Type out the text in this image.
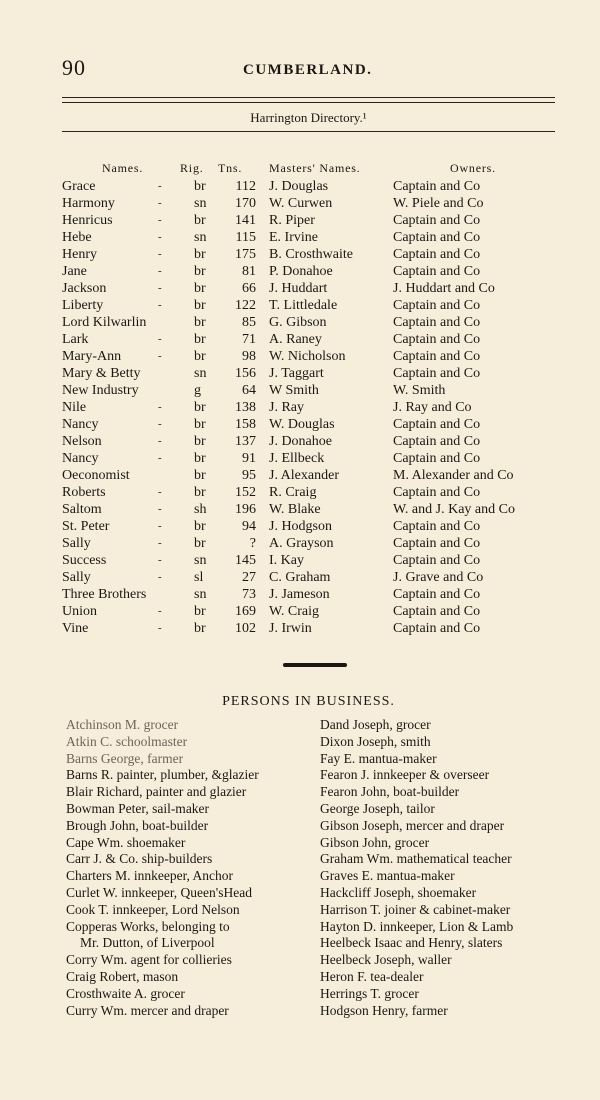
90	CUMBERLAND.
Harrington Directory.¹
Names.	Rig. Tns.	Masters' Names.	Owners.
Grace	- br	112 J. Douglas	Captain and Co
Harmony	- sn	170 W. Curwen	W. Piele and Co
Henricus	- br	141 R. Piper	Captain and Co
Hebe	- sn	115 E. Irvine	Captain and Co
Henry	- br	175 B. Crosthwaite	Captain and Co
Jane	- br	81 P. Donahoe	Captain and Co
Jackson	- br	66 J. Huddart	J. Huddart and Co
Liberty	- br	122 T. Littledale	Captain and Co
Lord Kilwarlin	br	85 G. Gibson	Captain and Co
Lark	- br	71 A. Raney	Captain and Co
Mary-Ann	- br	98 W. Nicholson	Captain and Co
Mary & Betty	sn	156 J. Taggart	Captain and Co
New Industry	g	64 W Smith	W. Smith
Nile	- br	138 J. Ray	J. Ray and Co
Nancy	- br	158 W. Douglas	Captain and Co
Nelson	- br	137 J. Donahoe	Captain and Co
Nancy	- br	91 J. Ellbeck	Captain and Co
Oeconomist	br	95 J. Alexander	M. Alexander and Co
Roberts	- br	152 R. Craig	Captain and Co
Saltom	- sh	196 W. Blake	W. and J. Kay and Co
St. Peter	- br	94 J. Hodgson	Captain and Co
Sally	- br	? A. Grayson	Captain and Co
Success	- sn	145 I. Kay	Captain and Co
Sally	- sl	27 C. Graham	J. Grave and Co
Three Brothers	sn	73 J. Jameson	Captain and Co
Union	- br	169 W. Craig	Captain and Co
Vine	- br	102 J. Irwin	Captain and Co
PERSONS IN BUSINESS.
Atchinson M. grocer
Atkin C. schoolmaster
Barns George, farmer
Barns R. painter, plumber, &glazier
Blair Richard, painter and glazier
Bowman Peter, sail-maker
Brough John, boat-builder
Cape Wm. shoemaker
Carr J. & Co. ship-builders
Charters M. innkeeper, Anchor
Curlet W. innkeeper, Queen'sHead
Cook T. innkeeper, Lord Nelson
Copperas Works, belonging to
Mr. Dutton, of Liverpool
Corry Wm. agent for collieries
Craig Robert, mason
Crosthwaite A. grocer
Curry Wm. mercer and draper
Dand Joseph, grocer
Dixon Joseph, smith
Fay E. mantua-maker
Fearon J. innkeeper & overseer
Fearon John, boat-builder
George Joseph, tailor
Gibson Joseph, mercer and draper
Gibson John, grocer
Graham Wm. mathematical teacher
Graves E. mantua-maker
Hackcliff Joseph, shoemaker
Harrison T. joiner & cabinet-maker
Hayton D. innkeeper, Lion & Lamb
Heelbeck Isaac and Henry, slaters
Heelbeck Joseph, waller
Heron F. tea-dealer
Herrings T. grocer
Hodgson Henry, farmer
